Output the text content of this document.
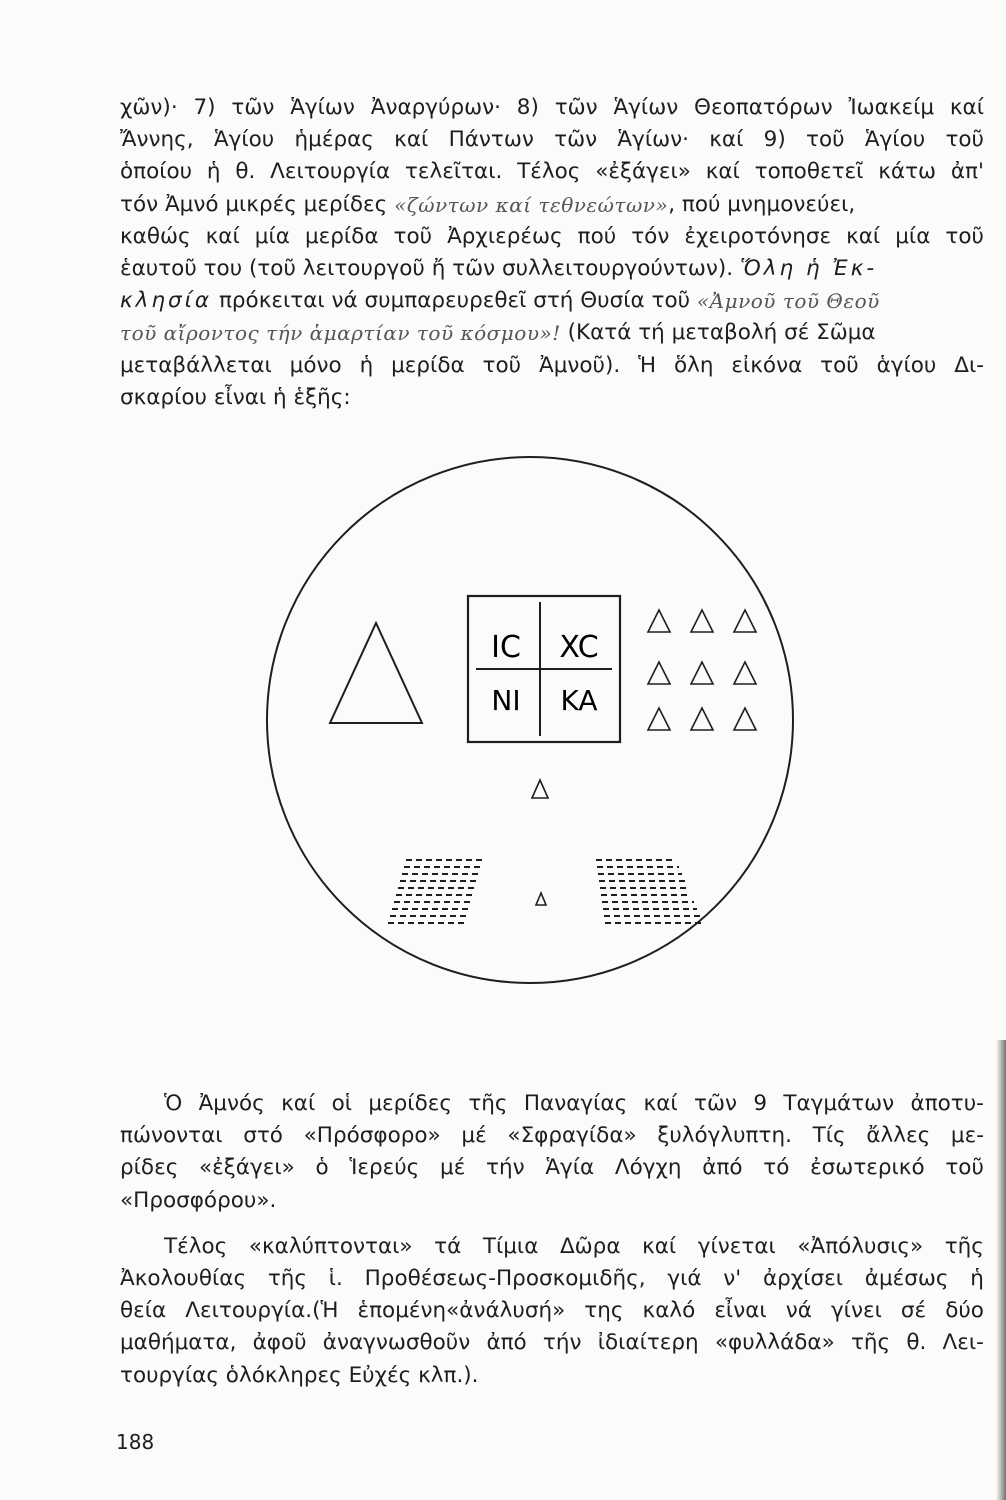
χῶν)· 7) τῶν Ἁγίων Ἀναργύρων· 8) τῶν Ἁγίων Θεοπατόρων Ἰωακείμ καί
Ἄννης, Ἁγίου ἡμέρας καί Πάντων τῶν Ἁγίων· καί 9) τοῦ Ἁγίου τοῦ
ὁποίου ἡ θ. Λειτουργία τελεῖται. Τέλος «ἐξάγει» καί τοποθετεῖ κάτω ἀπ'
τόν Ἀμνό μικρές μερίδες
«ζώντων καί τεθνεώτων» , πού μνημονεύει,
καθώς καί μία μερίδα τοῦ Ἀρχιερέως πού τόν ἐχειροτόνησε καί μία τοῦ
ἑαυτοῦ του (τοῦ λειτουργοῦ ἤ τῶν συλλειτουργούντων).
Ὅλη ἡ Ἐκ-
κλησία
πρόκειται νά συμπαρευρεθεῖ στή Θυσία τοῦ
«Ἀμνοῦ τοῦ Θεοῦ
τοῦ αἴροντος τήν ἁμαρτίαν τοῦ κόσμου»!
(Κατά τή μεταβολή σέ Σῶμα
μεταβάλλεται μόνο ἡ μερίδα τοῦ Ἀμνοῦ). Ἡ ὅλη εἰκόνα τοῦ ἁγίου Δι-
σκαρίου εἶναι ἡ ἑξῆς:
IC XC
NI KA
Ὁ Ἀμνός καί οἱ μερίδες τῆς Παναγίας καί τῶν 9 Ταγμάτων ἀποτυ-
πώνονται στό «Πρόσφορο» μέ «Σφραγίδα» ξυλόγλυπτη. Τίς ἄλλες με-
ρίδες «ἐξάγει» ὁ Ἱερεύς μέ τήν Ἁγία Λόγχη ἀπό τό ἐσωτερικό τοῦ
«Προσφόρου».
Τέλος «καλύπτονται» τά Τίμια Δῶρα καί γίνεται «Ἀπόλυσις» τῆς
Ἀκολουθίας τῆς ἱ. Προθέσεως-Προσκομιδῆς, γιά ν' ἀρχίσει ἀμέσως ἡ
θεία Λειτουργία.(Ἡ ἑπομένη«ἀνάλυσή» της καλό εἶναι νά γίνει σέ δύο
μαθήματα, ἀφοῦ ἀναγνωσθοῦν ἀπό τήν ἰδιαίτερη «φυλλάδα» τῆς θ. Λει-
τουργίας ὁλόκληρες Εὐχές κλπ.).
188
